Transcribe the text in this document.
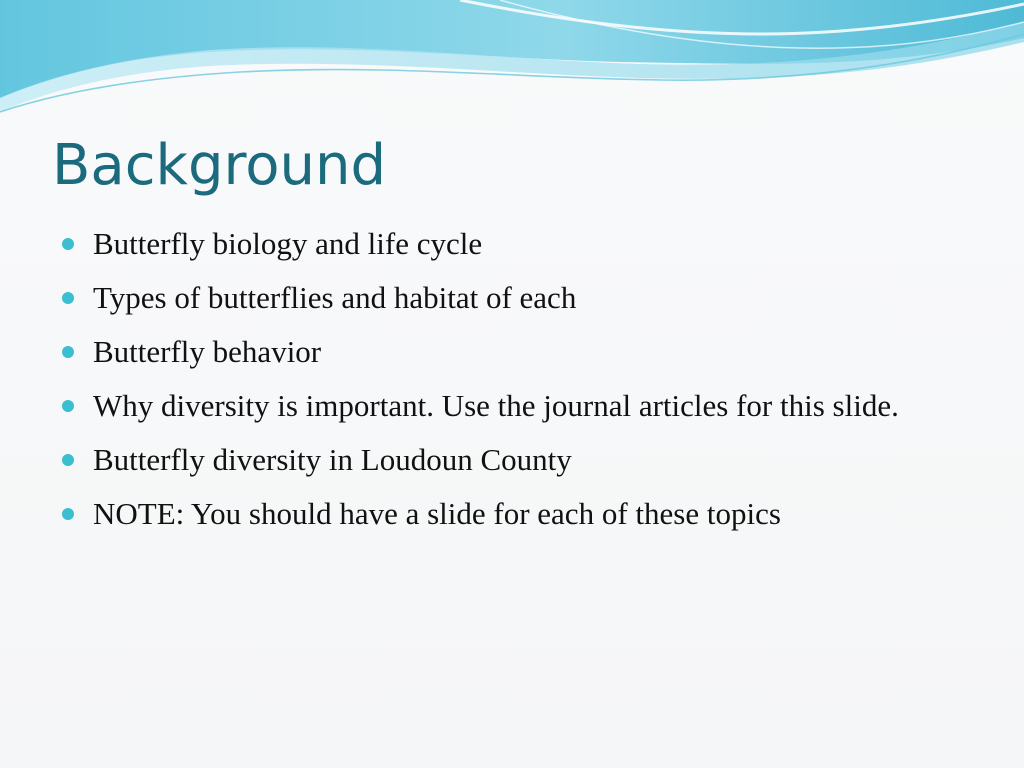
Background
Butterfly biology and life cycle
Types of butterflies and habitat of each
Butterfly behavior
Why diversity is important. Use the journal articles for this slide.
Butterfly diversity in Loudoun County
NOTE: You should have a slide for each of these topics
